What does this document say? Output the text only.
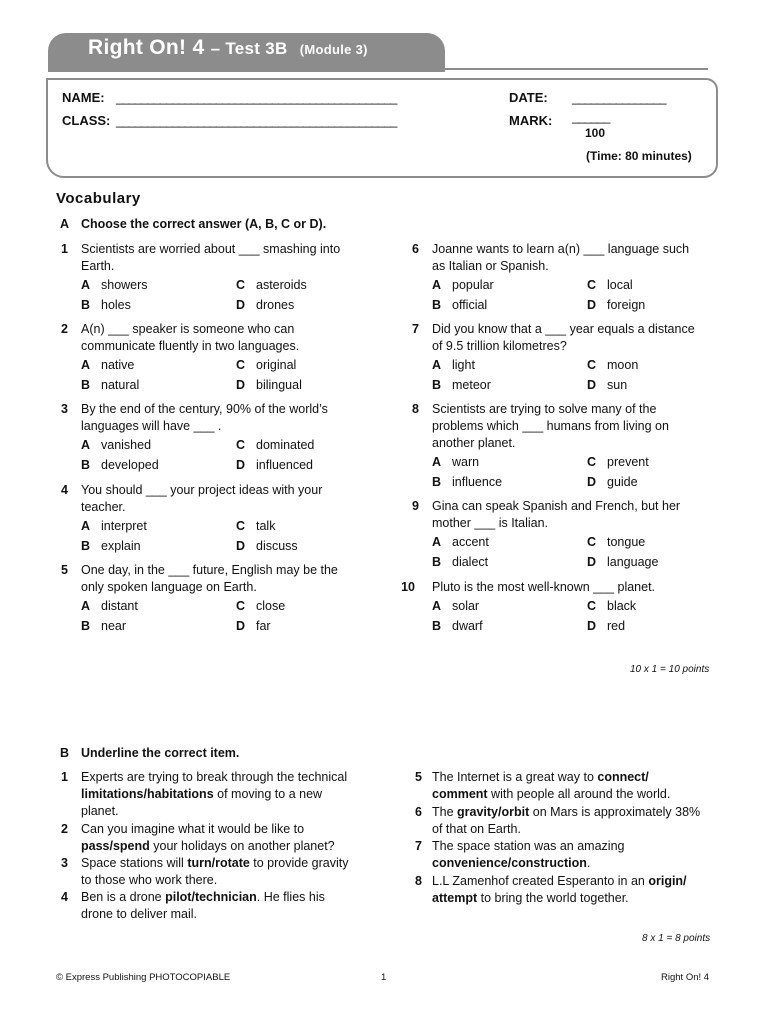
Right On! 4 – Test 3B (Module 3)
NAME: _____________________________________________
CLASS: _____________________________________________
DATE: _______________
MARK: ______
100
(Time: 80 minutes)
Vocabulary
A Choose the correct answer (A, B, C or D).
1 Scientists are worried about ___ smashing into
Earth.
A showers	C asteroids
B holes	D drones
2 A(n) ___ speaker is someone who can
communicate fluently in two languages.
A native	C original
B natural	D bilingual
3 By the end of the century, 90% of the world’s
languages will have ___ .
A vanished	C dominated
B developed	D influenced
4 You should ___ your project ideas with your
teacher.
A interpret	C talk
B explain	D discuss
5 One day, in the ___ future, English may be the
only spoken language on Earth.
A distant	C close
B near	D far
6 Joanne wants to learn a(n) ___ language such
as Italian or Spanish.
A popular	C local
B official	D foreign
7 Did you know that a ___ year equals a distance
of 9.5 trillion kilometres?
A light	C moon
B meteor	D sun
8 Scientists are trying to solve many of the
problems which ___ humans from living on
another planet.
A warn	C prevent
B influence	D guide
9 Gina can speak Spanish and French, but her
mother ___ is Italian.
A accent	C tongue
B dialect	D language
10 Pluto is the most well-known ___ planet.
A solar	C black
B dwarf	D red
10 x 1 = 10 points
B Underline the correct item.
1 Experts are trying to break through the technical
limitations/habitations of moving to a new
planet.
2 Can you imagine what it would be like to
pass/spend your holidays on another planet?
3 Space stations will turn/rotate to provide gravity
to those who work there.
4 Ben is a drone pilot/technician. He flies his
drone to deliver mail.
5 The Internet is a great way to connect/
comment with people all around the world.
6 The gravity/orbit on Mars is approximately 38%
of that on Earth.
7 The space station was an amazing
convenience/construction.
8 L.L Zamenhof created Esperanto in an origin/
attempt to bring the world together.
8 x 1 = 8 points
© Express Publishing PHOTOCOPIABLE	1	Right On! 4
